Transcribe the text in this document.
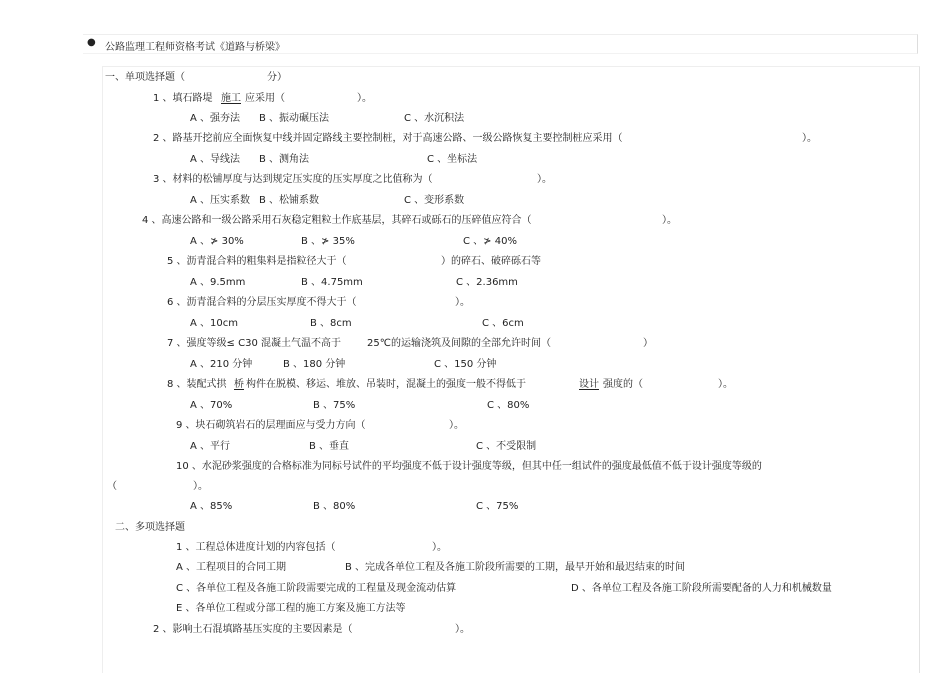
● 公路监理工程师资格考试《道路与桥梁》
一、单项选择题（	分）
1 、填石路堤 施工 应采用（	）。
A 、强夯法 B 、振动碾压法	C 、水沉积法
2 、路基开挖前应全面恢复中线并固定路线主要控制桩，对于高速公路、一级公路恢复主要控制桩应采用（	）。
A 、导线法 B 、测角法	C 、坐标法
3 、材料的松铺厚度与达到规定压实度的压实厚度之比值称为（	）。
A 、压实系数 B 、松铺系数	C 、变形系数
4 、高速公路和一级公路采用石灰稳定粗粒土作底基层，其碎石或砾石的压碎值应符合（	）。
A 、≯ 30%	B 、≯ 35%	C 、≯ 40%
5 、沥青混合料的粗集料是指粒径大于（	）的碎石、破碎砾石等
A 、9.5mm	B 、4.75mm	C 、2.36mm
6 、沥青混合料的分层压实厚度不得大于（	）。
A 、10cm	B 、8cm	C 、6cm
7 、强度等级≤ C30 混凝土气温不高于	25℃的运输浇筑及间隙的全部允许时间（	）
A 、210 分钟	B 、180 分钟	C 、150 分钟
8 、装配式拱 桥 构件在脱模、移运、堆放、吊装时，混凝土的强度一般不得低于	设计 强度的（	）。
A 、70%	B 、75%	C 、80%
9 、块石砌筑岩石的层理面应与受力方向（	）。
A 、平行	B 、垂直	C 、不受限制
10 、水泥砂浆强度的合格标准为同标号试件的平均强度不低于设计强度等级，但其中任一组试件的强度最低值不低于设计强度等级的
（	）。
A 、85%	B 、80%	C 、75%
二、多项选择题
1 、工程总体进度计划的内容包括（	）。
A 、工程项目的合同工期	B 、完成各单位工程及各施工阶段所需要的工期，最早开始和最迟结束的时间
C 、各单位工程及各施工阶段需要完成的工程量及现金流动估算	D 、各单位工程及各施工阶段所需要配备的人力和机械数量
E 、各单位工程或分部工程的施工方案及施工方法等
2 、影响土石混填路基压实度的主要因素是（	）。
